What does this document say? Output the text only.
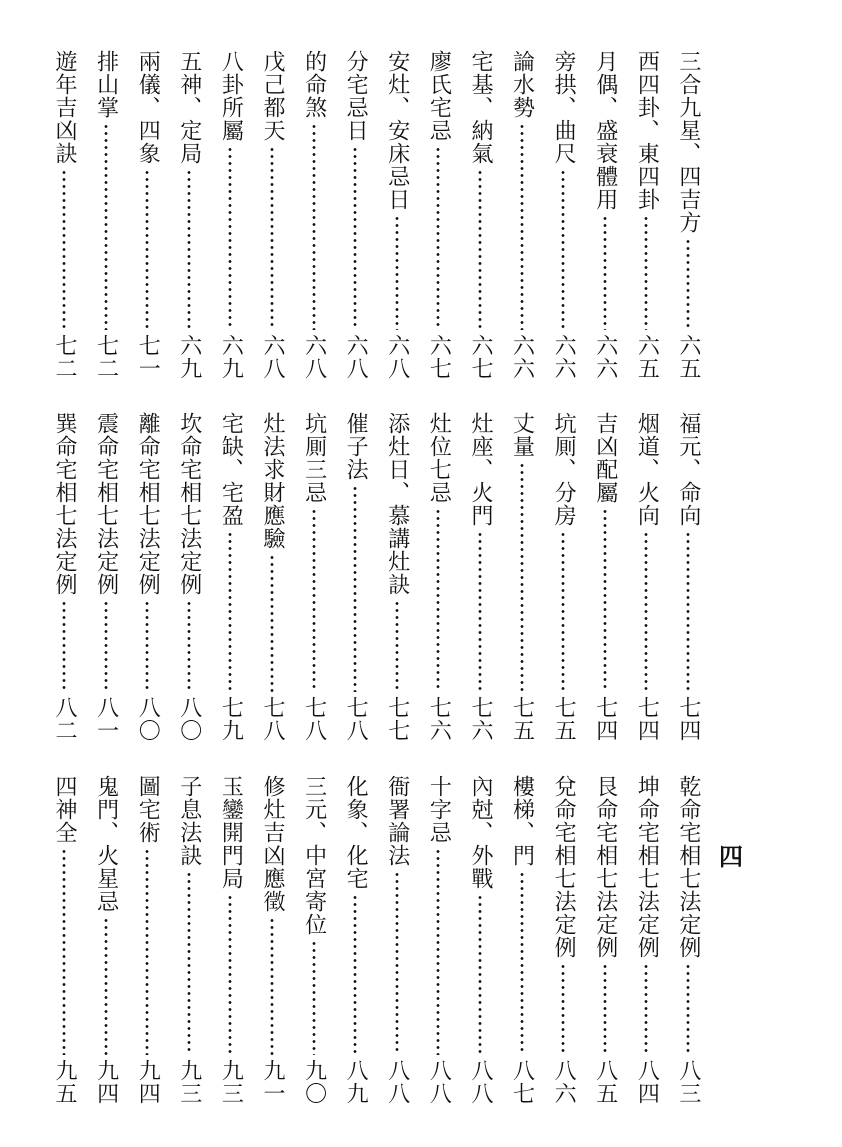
三合九星、四吉方
六五
西四卦、東四卦
六五
月偶、盛衰體用
六六
旁拱、曲尺
六六
論水勢
六六
宅基、納氣
六七
廖氏宅忌
六七
安灶、安床忌日
六八
分宅忌日
六八
的命煞
六八
戊己都天
六八
八卦所屬
六九
五神、定局
六九
兩儀、四象
七一
排山掌
七二
遊年吉凶訣
七二
福元、命向
七四
烟道、火向
七四
吉凶配屬
七四
坑厠、分房
七五
丈量
七五
灶座、火門
七六
灶位七忌
七六
添灶日、慕講灶訣
七七
催子法
七八
坑厠三忌
七八
灶法求財應驗
七八
宅缺、宅盈
七九
坎命宅相七法定例
八〇
離命宅相七法定例
八〇
震命宅相七法定例
八一
巽命宅相七法定例
八二
乾命宅相七法定例
八三
坤命宅相七法定例
八四
艮命宅相七法定例
八五
兌命宅相七法定例
八六
樓梯、門
八七
內尅、外戰
八八
十字忌
八八
衙署論法
八八
化象、化宅
八九
三元、中宮寄位
九〇
修灶吉凶應徵
九一
玉鑾開門局
九三
子息法訣
九三
圖宅術
九四
鬼門、火星忌
九四
四神全
九五
四
